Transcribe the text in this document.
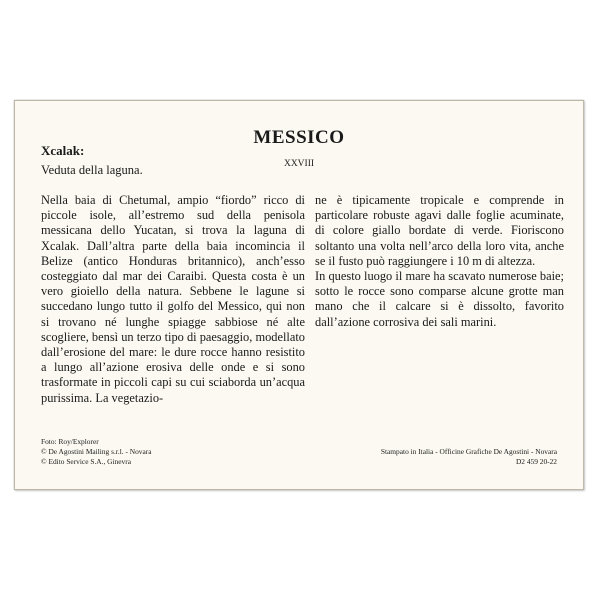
MESSICO
XXVIII
Xcalak:
Veduta della laguna.

Nella baia di Chetumal, ampio “fiordo” ricco di piccole isole, all’estremo sud della penisola messicana dello Yucatan, si trova la laguna di Xcalak. Dall’altra parte della baia incomincia il Belize (antico Honduras britannico), anch’esso costeggiato dal mar dei Caraibi. Questa costa è un vero gioiello della natura. Sebbene le lagune si succedano lungo tutto il golfo del Messico, qui non si trovano né lunghe spiagge sabbiose né alte scogliere, bensì un terzo tipo di paesaggio, modellato dall’erosione del mare: le dure rocce hanno resistito a lungo all’azione erosiva delle onde e si sono trasformate in piccoli capi su cui sciaborda un’acqua purissima. La vegetazio-

ne è tipicamente tropicale e comprende in particolare robuste agavi dalle foglie acuminate, di colore giallo bordate di verde. Fioriscono soltanto una volta nell’arco della loro vita, anche se il fusto può raggiungere i 10 m di altezza.

In questo luogo il mare ha scavato numerose baie; sotto le rocce sono comparse alcune grotte man mano che il calcare si è dissolto, favorito dall’azione corrosiva dei sali marini.

Foto: Roy/Explorer
© De Agostini Mailing s.r.l. - Novara
© Edito Service S.A., Ginevra

Stampato in Italia - Officine Grafiche De Agostini - Novara
D2 459 20-22
